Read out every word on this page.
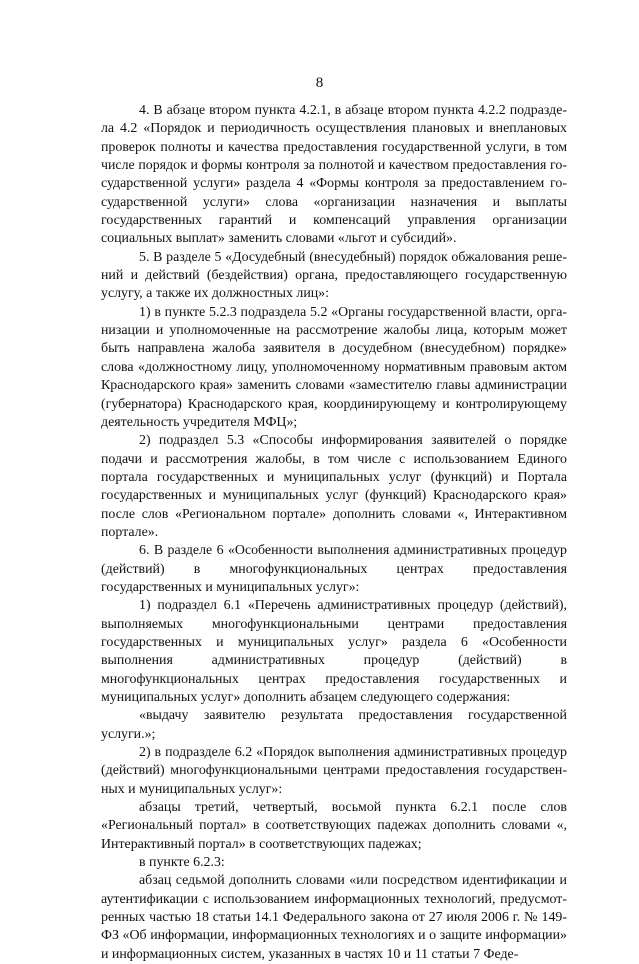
8

4. В абзаце втором пункта 4.2.1, в абзаце втором пункта 4.2.2 подраздела 4.2 «Порядок и периодичность осуществления плановых и внеплановых проверок полноты и качества предоставления государственной услуги, в том числе порядок и формы контроля за полнотой и качеством предоставления государственной услуги» раздела 4 «Формы контроля за предоставлением государственной услуги» слова «организации назначения и выплаты государственных гарантий и компенсаций управления организации социальных выплат» заменить словами «льгот и субсидий».

5. В разделе 5 «Досудебный (внесудебный) порядок обжалования решений и действий (бездействия) органа, предоставляющего государственную услугу, а также их должностных лиц»:

1) в пункте 5.2.3 подраздела 5.2 «Органы государственной власти, организации и уполномоченные на рассмотрение жалобы лица, которым может быть направлена жалоба заявителя в досудебном (внесудебном) порядке» слова «должностному лицу, уполномоченному нормативным правовым актом Краснодарского края» заменить словами «заместителю главы администрации (губернатора) Краснодарского края, координирующему и контролирующему деятельность учредителя МФЦ»;

2) подраздел 5.3 «Способы информирования заявителей о порядке подачи и рассмотрения жалобы, в том числе с использованием Единого портала государственных и муниципальных услуг (функций) и Портала государственных и муниципальных услуг (функций) Краснодарского края» после слов «Региональном портале» дополнить словами «, Интерактивном портале».

6. В разделе 6 «Особенности выполнения административных процедур (действий) в многофункциональных центрах предоставления государственных и муниципальных услуг»:

1) подраздел 6.1 «Перечень административных процедур (действий), выполняемых многофункциональными центрами предоставления государственных и муниципальных услуг» раздела 6 «Особенности выполнения административных процедур (действий) в многофункциональных центрах предоставления государственных и муниципальных услуг» дополнить абзацем следующего содержания:

«выдачу заявителю результата предоставления государственной услуги.»;

2) в подразделе 6.2 «Порядок выполнения административных процедур (действий) многофункциональными центрами предоставления государственных и муниципальных услуг»:

абзацы третий, четвертый, восьмой пункта 6.2.1 после слов «Региональный портал» в соответствующих падежах дополнить словами «, Интерактивный портал» в соответствующих падежах;

в пункте 6.2.3:

абзац седьмой дополнить словами «или посредством идентификации и аутентификации с использованием информационных технологий, предусмотренных частью 18 статьи 14.1 Федерального закона от 27 июля 2006 г. № 149-ФЗ «Об информации, информационных технологиях и о защите информации» и информационных систем, указанных в частях 10 и 11 статьи 7 Феде-
